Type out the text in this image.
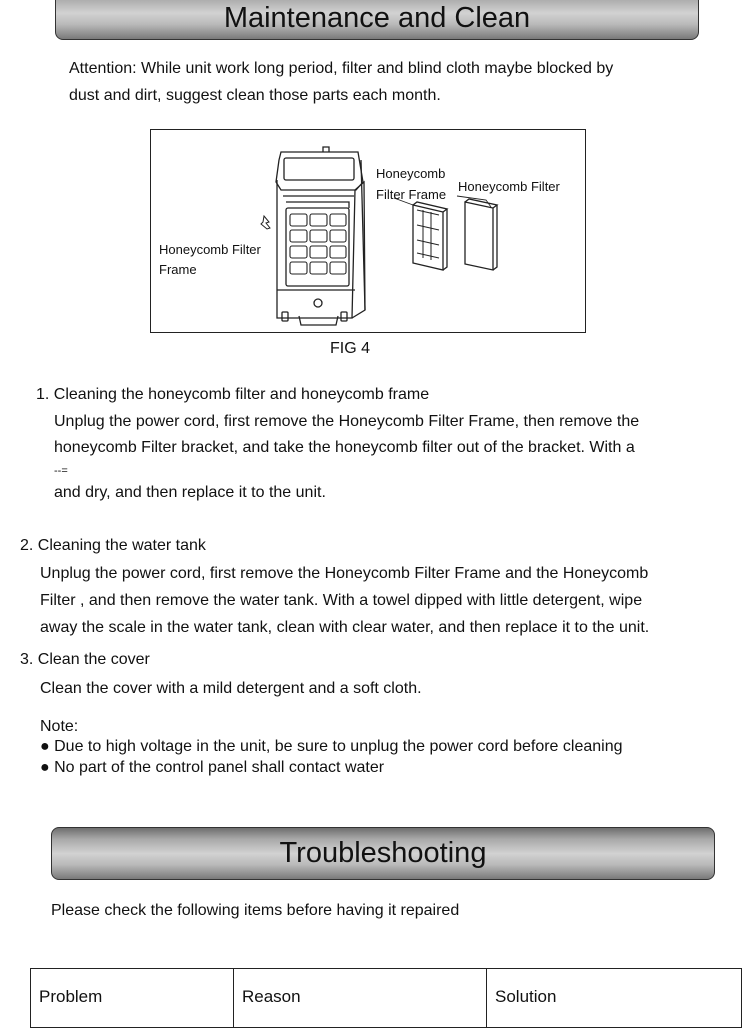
Maintenance and Clean
Attention: While unit work long period, filter and blind cloth maybe blocked by
dust and dirt, suggest clean those parts each month.
Honeycomb Filter
Frame
Honeycomb
Filter Frame
Honeycomb Filter
FIG 4
1. Cleaning the honeycomb filter and honeycomb frame
Unplug the power cord, first remove the Honeycomb Filter Frame, then remove the
honeycomb Filter bracket, and take the honeycomb filter out of the bracket. With a
--=
and dry, and then replace it to the unit.
2. Cleaning the water tank
Unplug the power cord, first remove the Honeycomb Filter Frame and the Honeycomb
Filter , and then remove the water tank. With a towel dipped with little detergent, wipe
away the scale in the water tank, clean with clear water, and then replace it to the unit.
3. Clean the cover
Clean the cover with a mild detergent and a soft cloth.
Note:
● Due to high voltage in the unit, be sure to unplug the power cord before cleaning
● No part of the control panel shall contact water
Troubleshooting
Please check the following items before having it repaired
Problem	Reason	Solution
